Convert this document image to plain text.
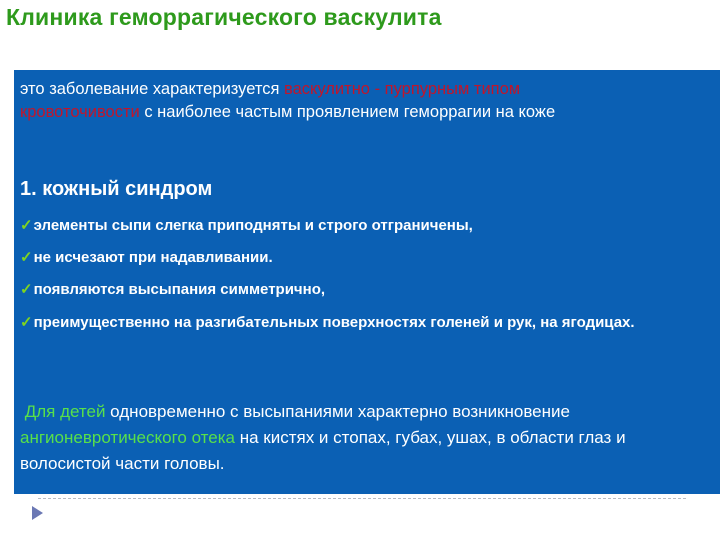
Клиника геморрагического васкулита
это заболевание характеризуется васкулитно - пурпурным типом
кровоточивости с наиболее частым проявлением геморрагии на коже
1. кожный синдром
✓элементы сыпи слегка приподняты и строго отграничены,
✓не исчезают при надавливании.
✓появляются высыпания симметрично,
✓преимущественно на разгибательных поверхностях голеней и рук, на ягодицах.
Для детей одновременно с высыпаниями характерно возникновение ангионевротического отека на кистях и стопах, губах, ушах, в области глаз и волосистой части головы.
